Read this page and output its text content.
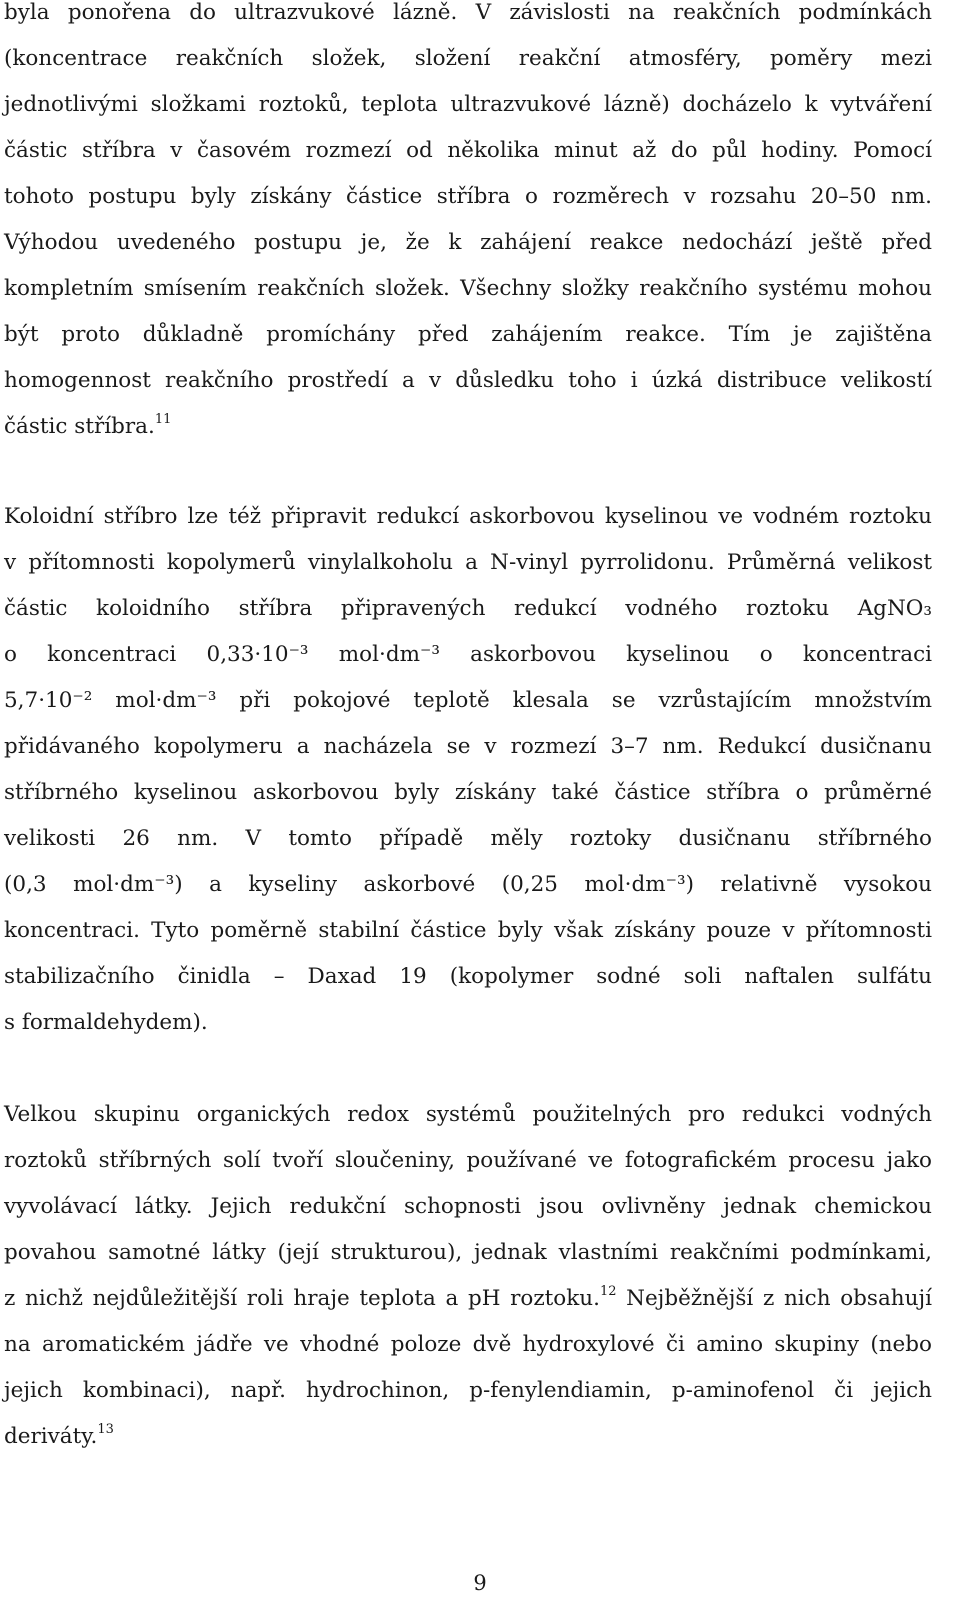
byla ponořena do ultrazvukové lázně. V závislosti na reakčních podmínkách
(koncentrace reakčních složek, složení reakční atmosféry, poměry mezi
jednotlivými složkami roztoků, teplota ultrazvukové lázně) docházelo k vytváření
částic stříbra v časovém rozmezí od několika minut až do půl hodiny. Pomocí
tohoto postupu byly získány částice stříbra o rozměrech v rozsahu 20–50 nm.
Výhodou uvedeného postupu je, že k zahájení reakce nedochází ještě před
kompletním smísením reakčních složek. Všechny složky reakčního systému mohou
být proto důkladně promíchány před zahájením reakce. Tím je zajištěna
homogennost reakčního prostředí a v důsledku toho i úzká distribuce velikostí
částic stříbra.$^{11}$
Koloidní stříbro lze též připravit redukcí askorbovou kyselinou ve vodném roztoku
v přítomnosti kopolymerů vinylalkoholu a N-vinyl pyrrolidonu. Průměrná velikost
částic koloidního stříbra připravených redukcí vodného roztoku AgNO₃
o koncentraci 0,33·10⁻³ mol·dm⁻³ askorbovou kyselinou o koncentraci
5,7·10⁻² mol·dm⁻³ při pokojové teplotě klesala se vzrůstajícím množstvím
přidávaného kopolymeru a nacházela se v rozmezí 3–7 nm. Redukcí dusičnanu
stříbrného kyselinou askorbovou byly získány také částice stříbra o průměrné
velikosti 26 nm. V tomto případě měly roztoky dusičnanu stříbrného
(0,3 mol·dm⁻³) a kyseliny askorbové (0,25 mol·dm⁻³) relativně vysokou
koncentraci. Tyto poměrně stabilní částice byly však získány pouze v přítomnosti
stabilizačního činidla – Daxad 19 (kopolymer sodné soli naftalen sulfátu
s formaldehydem).
Velkou skupinu organických redox systémů použitelných pro redukci vodných
roztoků stříbrných solí tvoří sloučeniny, používané ve fotografickém procesu jako
vyvolávací látky. Jejich redukční schopnosti jsou ovlivněny jednak chemickou
povahou samotné látky (její strukturou), jednak vlastními reakčními podmínkami,
z nichž nejdůležitější roli hraje teplota a pH roztoku.$^{12}$ Nejběžnější z nich obsahují
na aromatickém jádře ve vhodné poloze dvě hydroxylové či amino skupiny (nebo
jejich kombinaci), např. hydrochinon, p-fenylendiamin, p-aminofenol či jejich
deriváty.$^{13}$
9
